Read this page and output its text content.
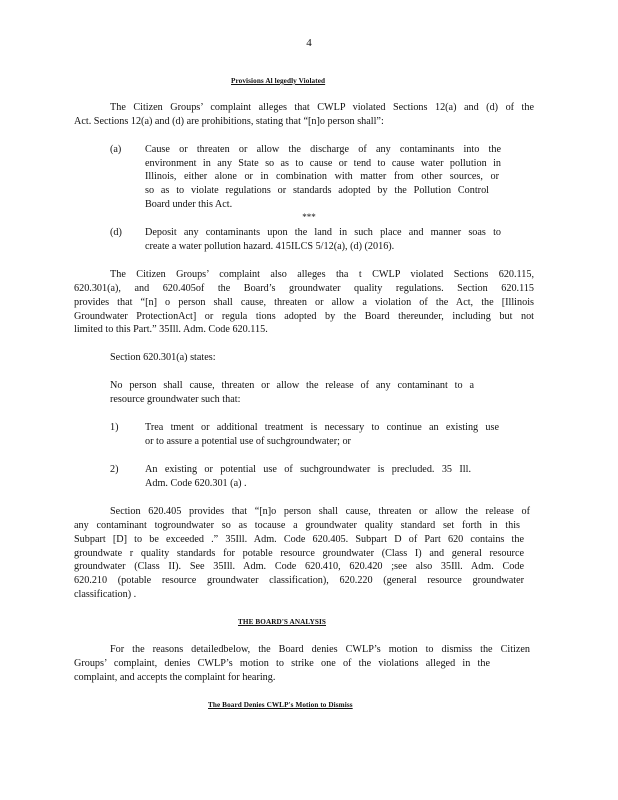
4
Provisions Al legedly Violated
The Citizen Groups’ complaint alleges that CWLP violated Sections 12(a) and (d) of the
Act. Sections 12(a) and (d) are prohibitions, stating that “[n]o person shall”:
(a) Cause or threaten or allow the discharge of any contaminants into the
environment in any State so as to cause or tend to cause water pollution in
Illinois, either alone or in combination with matter from other sources, or
so as to violate regulations or standards adopted by the Pollution Control
Board under this Act.
***
(d) Deposit any contaminants upon the land in such place and manner soas to
create a water pollution hazard. 415ILCS 5/12(a), (d) (2016).
The Citizen Groups’ complaint also alleges tha t CWLP violated Sections 620.115,
620.301(a), and 620.405of the Board’s groundwater quality regulations. Section 620.115
provides that “[n] o person shall cause, threaten or allow a violation of the Act, the [Illinois
Groundwater ProtectionAct] or regula tions adopted by the Board thereunder, including but not
limited to this Part.” 35Ill. Adm. Code 620.115.
Section 620.301(a) states:
No person shall cause, threaten or allow the release of any contaminant to a
resource groundwater such that:
1)	Trea tment or additional treatment is necessary to continue an existing use
or to assure a potential use of suchgroundwater; or
2)	An existing or potential use of suchgroundwater is precluded. 35 Ill.
Adm. Code 620.301 (a) .
Section 620.405 provides that “[n]o person shall cause, threaten or allow the release of
any contaminant togroundwater so as tocause a groundwater quality standard set forth in this
Subpart [D] to be exceeded .” 35Ill. Adm. Code 620.405. Subpart D of Part 620 contains the
groundwate r quality standards for potable resource groundwater (Class I) and general resource
groundwater (Class II). See 35Ill. Adm. Code 620.410, 620.420 ;see also 35Ill. Adm. Code
620.210 (potable resource groundwater classification), 620.220 (general resource groundwater
classification) .
THE BOARD'S ANALYSIS
For the reasons detailedbelow, the Board denies CWLP’s motion to dismiss the Citizen
Groups’ complaint, denies CWLP’s motion to strike one of the violations alleged in the
complaint, and accepts the complaint for hearing.
The Board Denies CWLP's Motion to Dismiss
